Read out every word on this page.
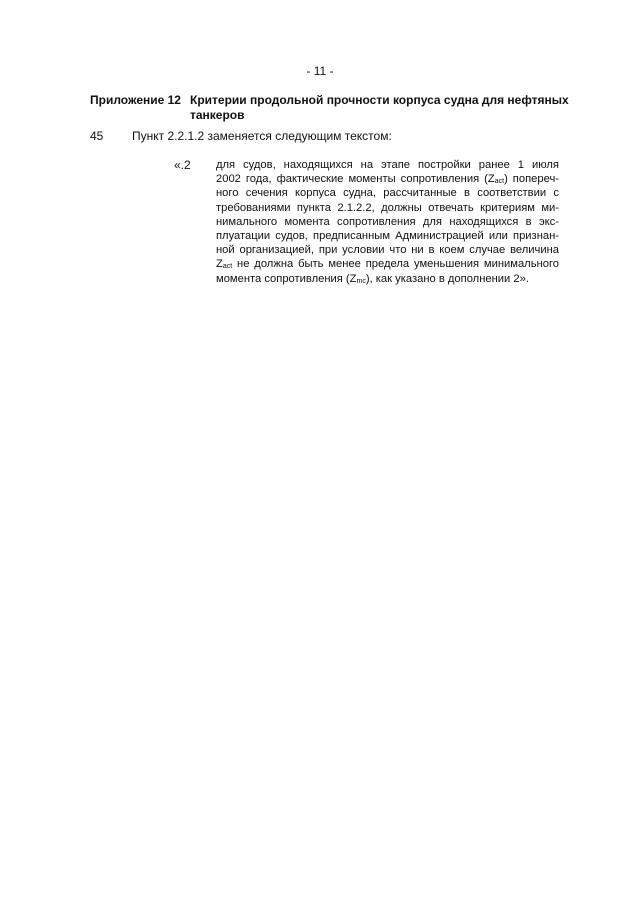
- 11 -
Приложение 12 Критерии продольной прочности корпуса судна для нефтяных танкеров
45 Пункт 2.2.1.2 заменяется следующим текстом:
«.2 для судов, находящихся на этапе постройки ранее 1 июля
2002 года, фактические моменты сопротивления $(Z_{act})$ попереч-
ного сечения корпуса судна, рассчитанные в соответствии с
требованиями пункта 2.1.2.2, должны отвечать критериям ми-
нимального момента сопротивления для находящихся в экс-
плуатации судов, предписанным Администрацией или признан-
ной организацией, при условии что ни в коем случае величина
$Z_{act}$ не должна быть менее предела уменьшения минимального
момента сопротивления $(Z_{mc})$, как указано в дополнении 2».
